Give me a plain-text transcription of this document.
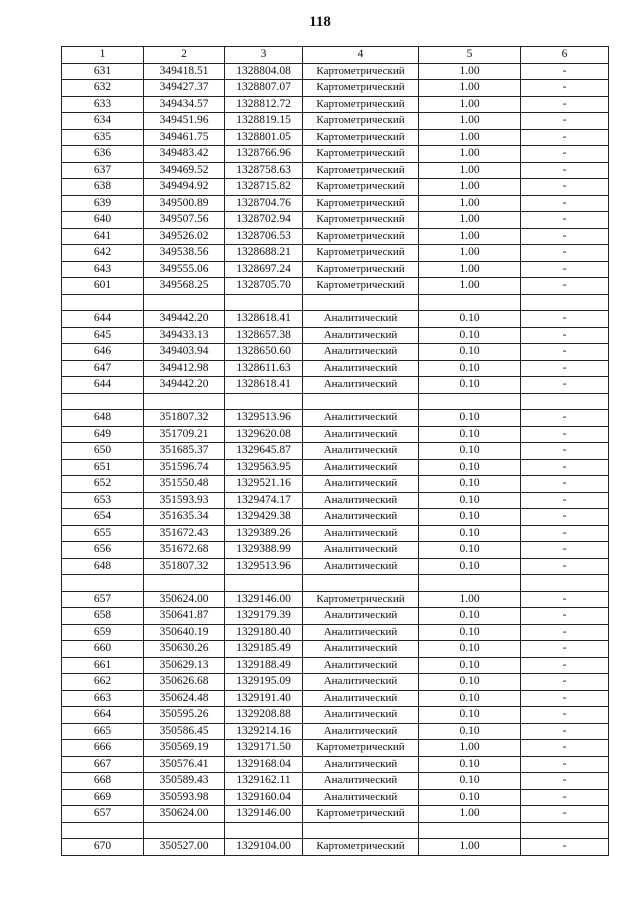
118
1	2	3	4	5	6
631	349418.51	1328804.08	Картометрический	1.00	-
632	349427.37	1328807.07	Картометрический	1.00	-
633	349434.57	1328812.72	Картометрический	1.00	-
634	349451.96	1328819.15	Картометрический	1.00	-
635	349461.75	1328801.05	Картометрический	1.00	-
636	349483.42	1328766.96	Картометрический	1.00	-
637	349469.52	1328758.63	Картометрический	1.00	-
638	349494.92	1328715.82	Картометрический	1.00	-
639	349500.89	1328704.76	Картометрический	1.00	-
640	349507.56	1328702.94	Картометрический	1.00	-
641	349526.02	1328706.53	Картометрический	1.00	-
642	349538.56	1328688.21	Картометрический	1.00	-
643	349555.06	1328697.24	Картометрический	1.00	-
601	349568.25	1328705.70	Картометрический	1.00	-

644	349442.20	1328618.41	Аналитический	0.10	-
645	349433.13	1328657.38	Аналитический	0.10	-
646	349403.94	1328650.60	Аналитический	0.10	-
647	349412.98	1328611.63	Аналитический	0.10	-
644	349442.20	1328618.41	Аналитический	0.10	-

648	351807.32	1329513.96	Аналитический	0.10	-
649	351709.21	1329620.08	Аналитический	0.10	-
650	351685.37	1329645.87	Аналитический	0.10	-
651	351596.74	1329563.95	Аналитический	0.10	-
652	351550.48	1329521.16	Аналитический	0.10	-
653	351593.93	1329474.17	Аналитический	0.10	-
654	351635.34	1329429.38	Аналитический	0.10	-
655	351672.43	1329389.26	Аналитический	0.10	-
656	351672.68	1329388.99	Аналитический	0.10	-
648	351807.32	1329513.96	Аналитический	0.10	-

657	350624.00	1329146.00	Картометрический	1.00	-
658	350641.87	1329179.39	Аналитический	0.10	-
659	350640.19	1329180.40	Аналитический	0.10	-
660	350630.26	1329185.49	Аналитический	0.10	-
661	350629.13	1329188.49	Аналитический	0.10	-
662	350626.68	1329195.09	Аналитический	0.10	-
663	350624.48	1329191.40	Аналитический	0.10	-
664	350595.26	1329208.88	Аналитический	0.10	-
665	350586.45	1329214.16	Аналитический	0.10	-
666	350569.19	1329171.50	Картометрический	1.00	-
667	350576.41	1329168.04	Аналитический	0.10	-
668	350589.43	1329162.11	Аналитический	0.10	-
669	350593.98	1329160.04	Аналитический	0.10	-
657	350624.00	1329146.00	Картометрический	1.00	-

670	350527.00	1329104.00	Картометрический	1.00	-
